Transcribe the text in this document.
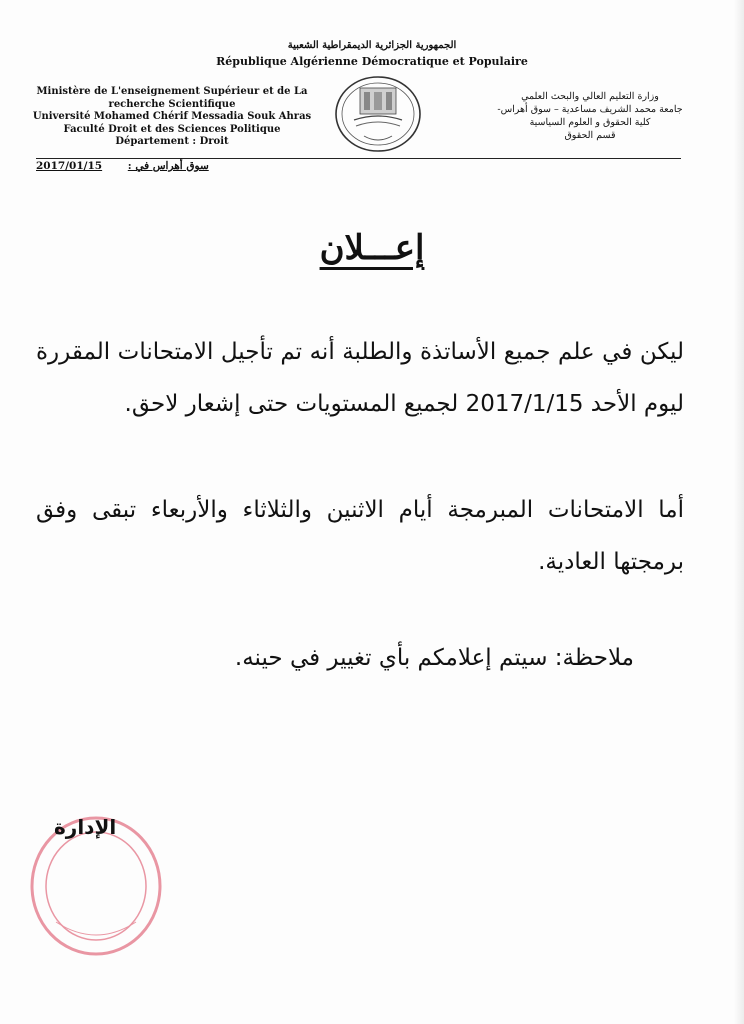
الجمهورية الجزائرية الديمقراطية الشعبية
République Algérienne Démocratique et Populaire
Ministère de L'enseignement Supérieur et de La
recherche Scientifique
Université Mohamed Chérif Messadia Souk Ahras
Faculté Droit et des Sciences Politique
Département : Droit
وزارة التعليم العالي والبحث العلمي
جامعة محمد الشريف مساعدية – سوق أهراس-
كلية الحقوق و العلوم السياسية
قسم الحقوق
2017/01/15 سوق أهراس في :
إعـــلان

ليكن في علم جميع الأساتذة والطلبة أنه تم تأجيل الامتحانات المقررة ليوم الأحد 2017/1/15 لجميع المستويات حتى إشعار لاحق.

أما الامتحانات المبرمجة أيام الاثنين والثلاثاء والأربعاء تبقى وفق برمجتها العادية.

ملاحظة: سيتم إعلامكم بأي تغيير في حينه.
الإدارة
